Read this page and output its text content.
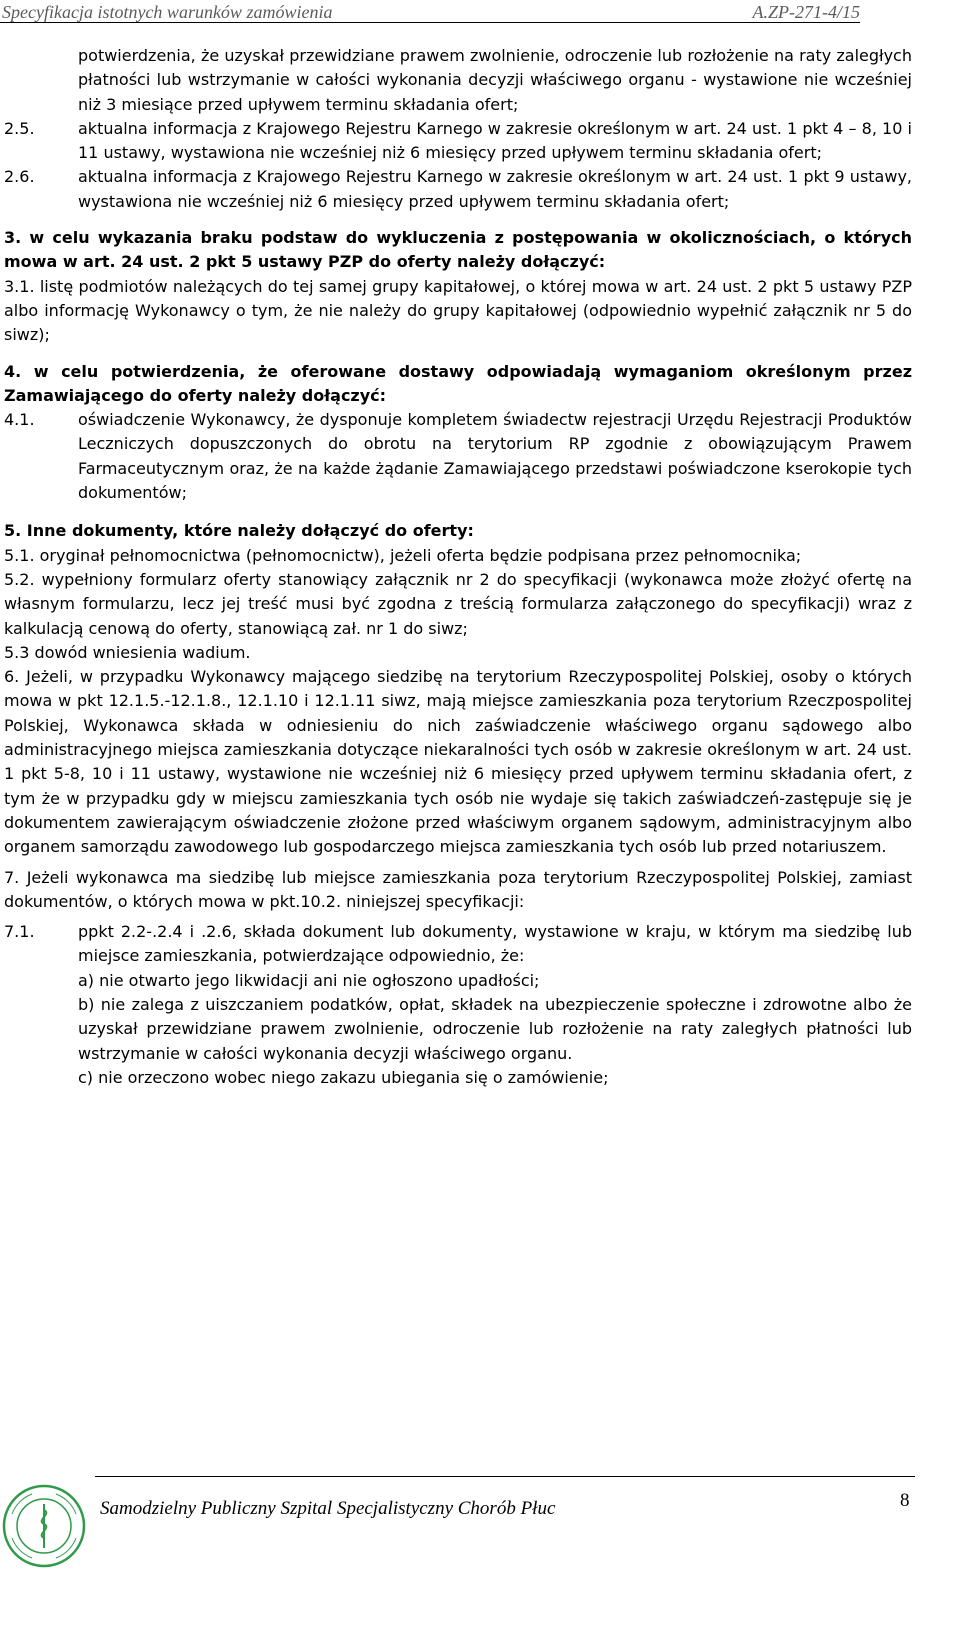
Specyfikacja istotnych warunków zamówienia	A.ZP-271-4/15
potwierdzenia, że uzyskał przewidziane prawem zwolnienie, odroczenie lub rozłożenie na raty zaległych płatności lub wstrzymanie w całości wykonania decyzji właściwego organu - wystawione nie wcześniej niż 3 miesiące przed upływem terminu składania ofert;
2.5.	aktualna informacja z Krajowego Rejestru Karnego w zakresie określonym w art. 24 ust. 1 pkt 4 – 8, 10 i 11 ustawy, wystawiona nie wcześniej niż 6 miesięcy przed upływem terminu składania ofert;
2.6.	aktualna informacja z Krajowego Rejestru Karnego w zakresie określonym w art. 24 ust. 1 pkt 9 ustawy, wystawiona nie wcześniej niż 6 miesięcy przed upływem terminu składania ofert;
3. w celu wykazania braku podstaw do wykluczenia z postępowania w okolicznościach, o których mowa w art. 24 ust. 2 pkt 5 ustawy PZP do oferty należy dołączyć:
3.1. listę podmiotów należących do tej samej grupy kapitałowej, o której mowa w art. 24 ust. 2 pkt 5 ustawy PZP albo informację Wykonawcy o tym, że nie należy do grupy kapitałowej (odpowiednio wypełnić załącznik nr 5 do siwz);
4. w celu potwierdzenia, że oferowane dostawy odpowiadają wymaganiom określonym przez Zamawiającego do oferty należy dołączyć:
4.1.	oświadczenie Wykonawcy, że dysponuje kompletem świadectw rejestracji Urzędu Rejestracji Produktów Leczniczych dopuszczonych do obrotu na terytorium RP zgodnie z obowiązującym Prawem Farmaceutycznym oraz, że na każde żądanie Zamawiającego przedstawi poświadczone kserokopie tych dokumentów;
5. Inne dokumenty, które należy dołączyć do oferty:
5.1. oryginał pełnomocnictwa (pełnomocnictw), jeżeli oferta będzie podpisana przez pełnomocnika;
5.2. wypełniony formularz oferty stanowiący załącznik nr 2 do specyfikacji (wykonawca może złożyć ofertę na własnym formularzu, lecz jej treść musi być zgodna z treścią formularza załączonego do specyfikacji) wraz z kalkulacją cenową do oferty, stanowiącą zał. nr 1 do siwz;
5.3 dowód wniesienia wadium.
6. Jeżeli, w przypadku Wykonawcy mającego siedzibę na terytorium Rzeczypospolitej Polskiej, osoby o których mowa w pkt 12.1.5.-12.1.8., 12.1.10 i 12.1.11 siwz, mają miejsce zamieszkania poza terytorium Rzeczpospolitej Polskiej, Wykonawca składa w odniesieniu do nich zaświadczenie właściwego organu sądowego albo administracyjnego miejsca zamieszkania dotyczące niekaralności tych osób w zakresie określonym w art. 24 ust. 1 pkt 5-8, 10 i 11 ustawy, wystawione nie wcześniej niż 6 miesięcy przed upływem terminu składania ofert, z tym że w przypadku gdy w miejscu zamieszkania tych osób nie wydaje się takich zaświadczeń-zastępuje się je dokumentem zawierającym oświadczenie złożone przed właściwym organem sądowym, administracyjnym albo organem samorządu zawodowego lub gospodarczego miejsca zamieszkania tych osób lub przed notariuszem.
7. Jeżeli wykonawca ma siedzibę lub miejsce zamieszkania poza terytorium Rzeczypospolitej Polskiej, zamiast dokumentów, o których mowa w pkt.10.2. niniejszej specyfikacji:
7.1.	ppkt 2.2-.2.4 i .2.6, składa dokument lub dokumenty, wystawione w kraju, w którym ma siedzibę lub miejsce zamieszkania, potwierdzające odpowiednio, że:
a) nie otwarto jego likwidacji ani nie ogłoszono upadłości;
b) nie zalega z uiszczaniem podatków, opłat, składek na ubezpieczenie społeczne i zdrowotne albo że uzyskał przewidziane prawem zwolnienie, odroczenie lub rozłożenie na raty zaległych płatności lub wstrzymanie w całości wykonania decyzji właściwego organu.
c) nie orzeczono wobec niego zakazu ubiegania się o zamówienie;
Samodzielny Publiczny Szpital Specjalistyczny Chorób Płuc	8
